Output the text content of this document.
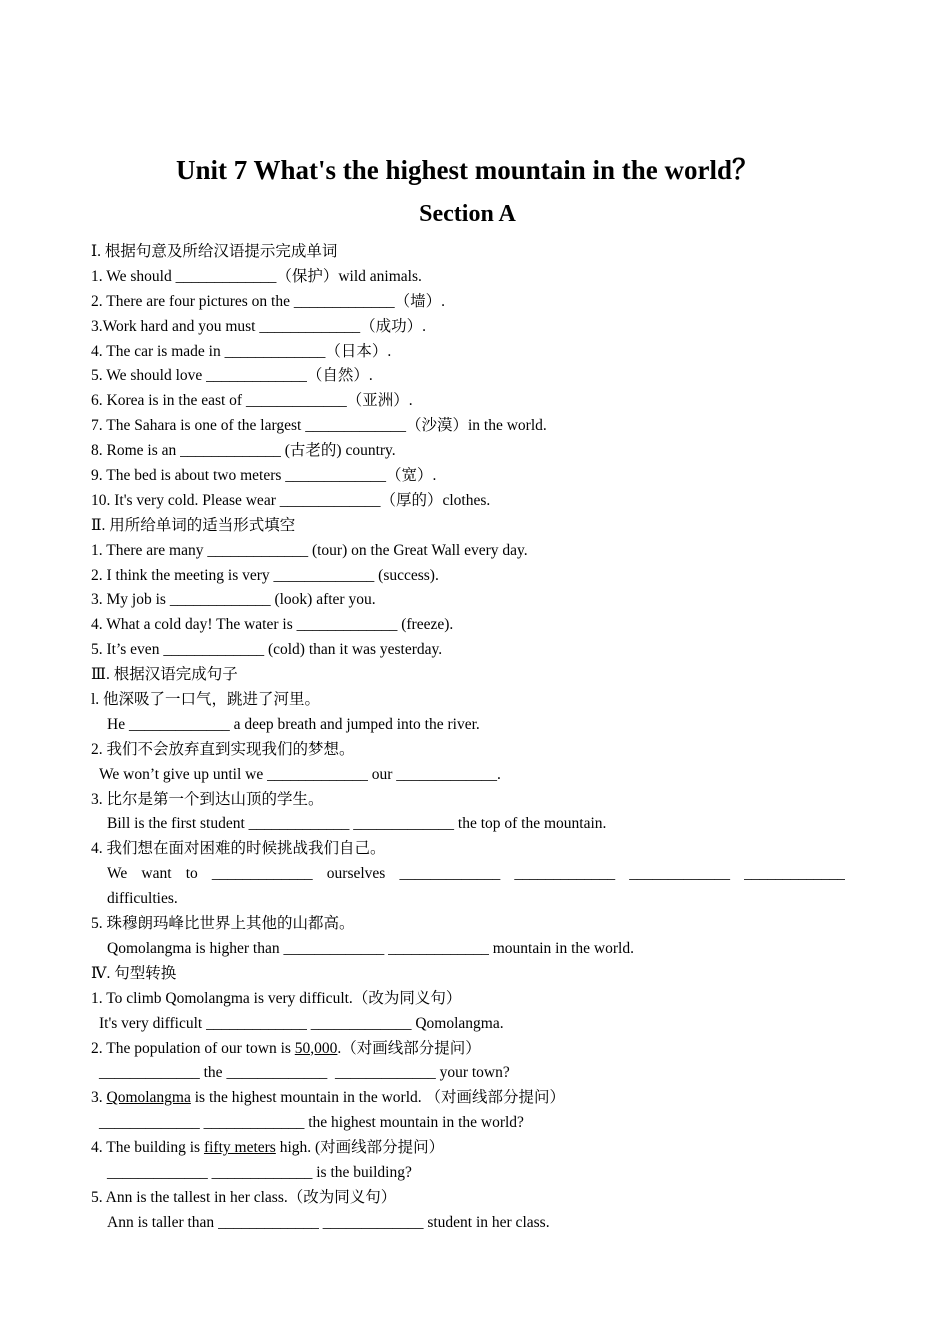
Unit 7 What's the highest mountain in the world？
Section A
Ⅰ. 根据句意及所给汉语提示完成单词
1. We should _____________（保护）wild animals.
2. There are four pictures on the _____________（墙）.
3.Work hard and you must _____________（成功）.
4. The car is made in _____________（日本）.
5. We should love _____________（自然）.
6. Korea is in the east of _____________（亚洲）.
7. The Sahara is one of the largest _____________（沙漠）in the world.
8. Rome is an _____________ (古老的) country.
9. The bed is about two meters _____________（宽）.
10. It's very cold. Please wear _____________（厚的）clothes.
Ⅱ. 用所给单词的适当形式填空
1. There are many _____________ (tour) on the Great Wall every day.
2. I think the meeting is very _____________ (success).
3. My job is _____________ (look) after you.
4. What a cold day! The water is _____________ (freeze).
5. It’s even _____________ (cold) than it was yesterday.
Ⅲ. 根据汉语完成句子
l. 他深吸了一口气，跳进了河里。
He _____________ a deep breath and jumped into the river.
2. 我们不会放弃直到实现我们的梦想。
We won’t give up until we _____________ our _____________.
3. 比尔是第一个到达山顶的学生。
Bill is the first student _____________ _____________ the top of the mountain.
4. 我们想在面对困难的时候挑战我们自己。
We want to _____________ ourselves _____________ _____________ _____________ _____________
difficulties.
5. 珠穆朗玛峰比世界上其他的山都高。
Qomolangma is higher than _____________ _____________ mountain in the world.
Ⅳ. 句型转换
1. To climb Qomolangma is very difficult.（改为同义句）
It's very difficult _____________ _____________ Qomolangma.
2. The population of our town is 50,000.（对画线部分提问）
_____________ the _____________ _____________ your town?
3. Qomolangma is the highest mountain in the world. （对画线部分提问）
_____________ _____________ the highest mountain in the world?
4. The building is fifty meters high. (对画线部分提问）
_____________ _____________ is the building?
5. Ann is the tallest in her class.（改为同义句）
Ann is taller than _____________ _____________ student in her class.
